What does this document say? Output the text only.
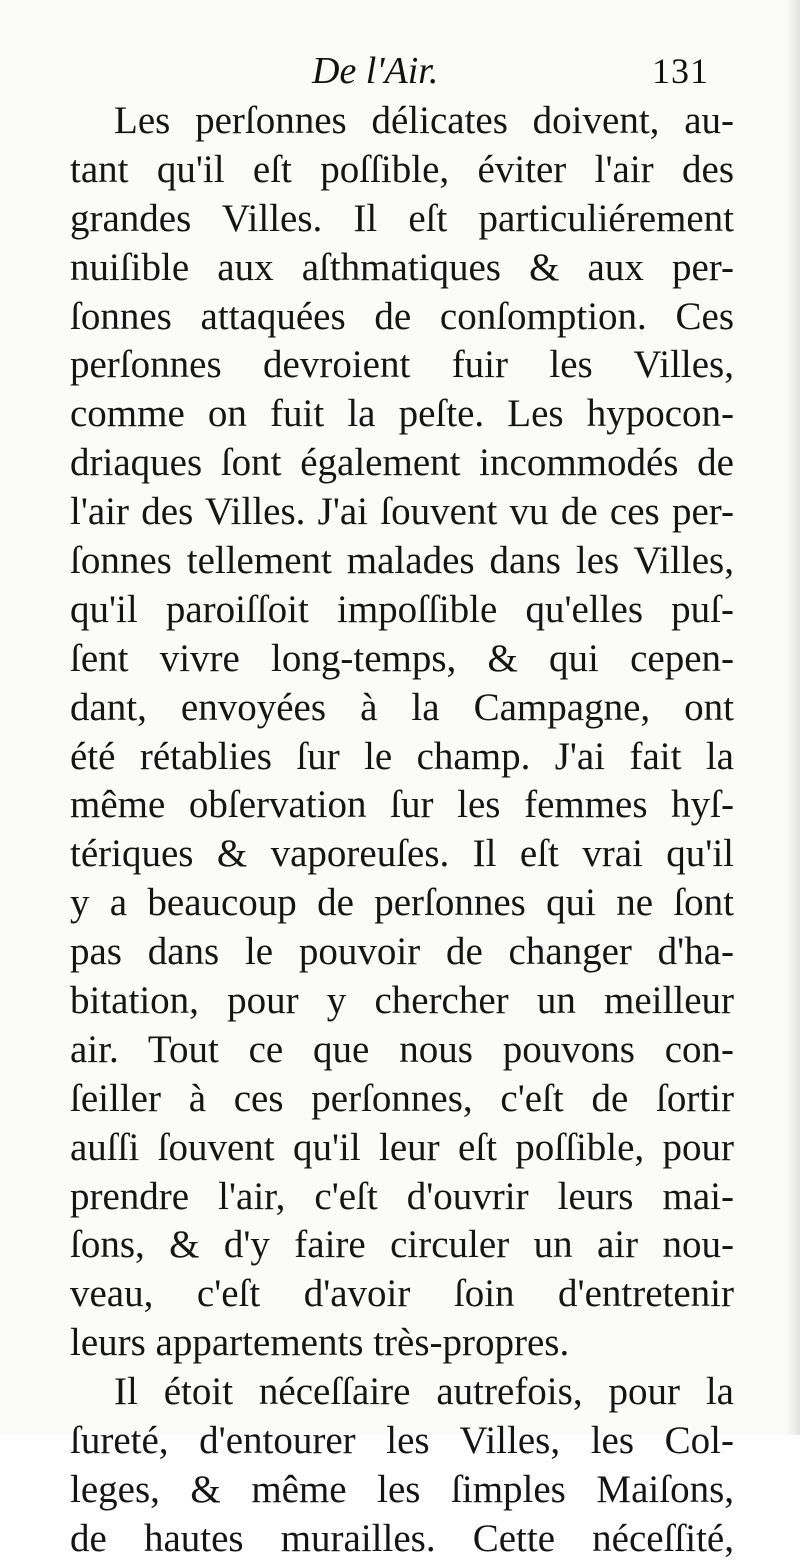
De l'Air.	131
Les perſonnes délicates doivent, au-
tant qu'il eſt poſſible, éviter l'air des
grandes Villes. Il eſt particuliérement
nuiſible aux aſthmatiques & aux per-
ſonnes attaquées de conſomption. Ces
perſonnes devroient fuir les Villes,
comme on fuit la peſte. Les hypocon-
driaques ſont également incommodés de
l'air des Villes. J'ai ſouvent vu de ces per-
ſonnes tellement malades dans les Villes,
qu'il paroiſſoit impoſſible qu'elles puſ-
ſent vivre long-temps, & qui cepen-
dant, envoyées à la Campagne, ont
été rétablies ſur le champ. J'ai fait la
même obſervation ſur les femmes hyſ-
tériques & vaporeuſes. Il eſt vrai qu'il
y a beaucoup de perſonnes qui ne ſont
pas dans le pouvoir de changer d'ha-
bitation, pour y chercher un meilleur
air. Tout ce que nous pouvons con-
ſeiller à ces perſonnes, c'eſt de ſortir
auſſi ſouvent qu'il leur eſt poſſible, pour
prendre l'air, c'eſt d'ouvrir leurs mai-
ſons, & d'y faire circuler un air nou-
veau, c'eſt d'avoir ſoin d'entretenir
leurs appartements très-propres.
Il étoit néceſſaire autrefois, pour la
ſureté, d'entourer les Villes, les Col-
leges, & même les ſimples Maiſons,
de hautes murailles. Cette néceſſité,
